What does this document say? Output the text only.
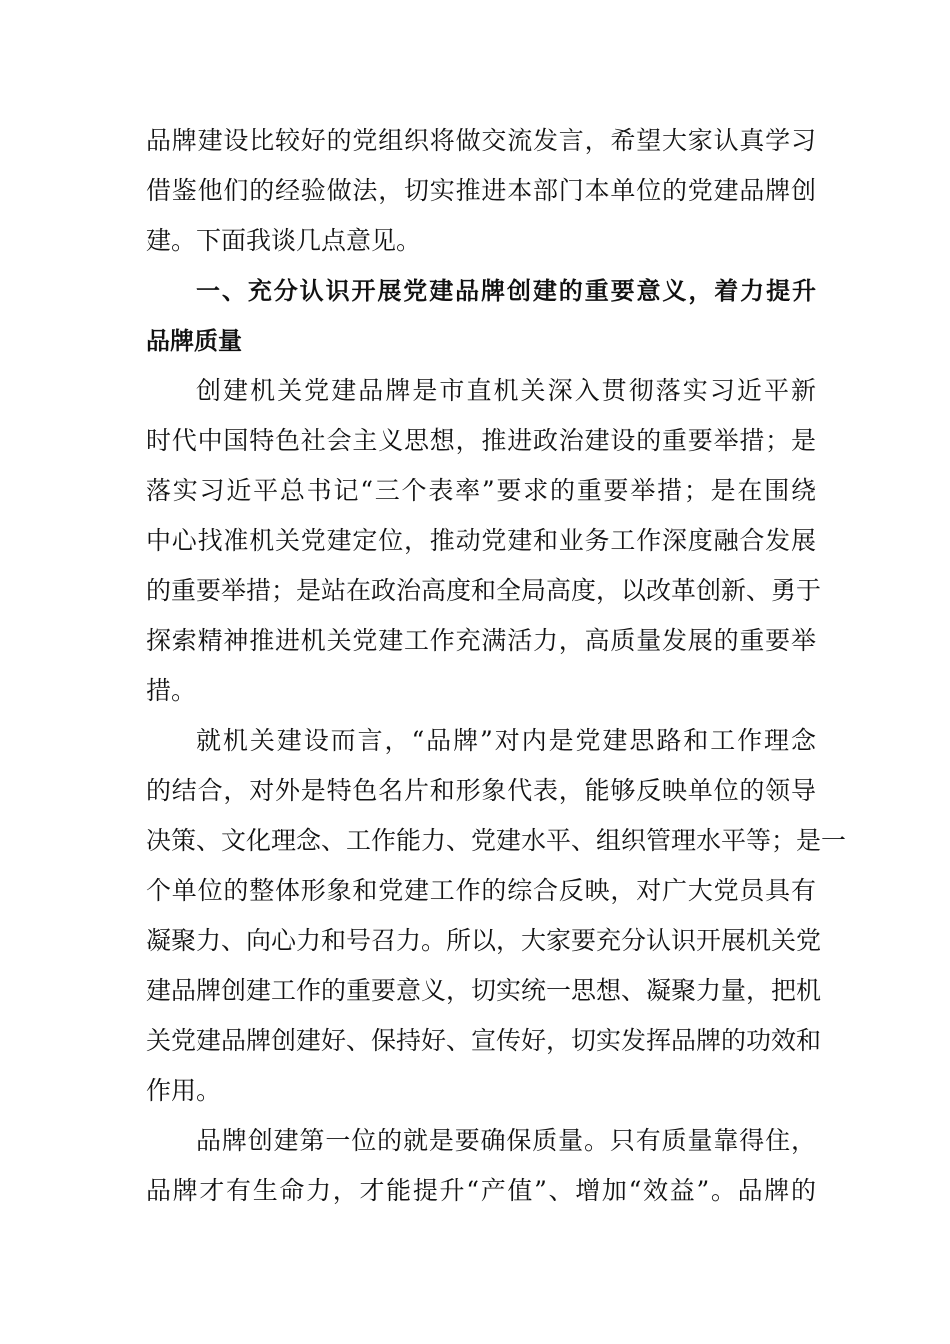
品牌建设比较好的党组织将做交流发言，希望大家认真学习
借鉴他们的经验做法，切实推进本部门本单位的党建品牌创
建。下面我谈几点意见。
一、充分认识开展党建品牌创建的重要意义，着力提升
品牌质量
创建机关党建品牌是市直机关深入贯彻落实习近平新
时代中国特色社会主义思想，推进政治建设的重要举措；是
落实习近平总书记“三个表率”要求的重要举措；是在围绕
中心找准机关党建定位，推动党建和业务工作深度融合发展
的重要举措；是站在政治高度和全局高度，以改革创新、勇于
探索精神推进机关党建工作充满活力，高质量发展的重要举
措。
就机关建设而言，“品牌”对内是党建思路和工作理念
的结合，对外是特色名片和形象代表，能够反映单位的领导
决策、文化理念、工作能力、党建水平、组织管理水平等；是一
个单位的整体形象和党建工作的综合反映，对广大党员具有
凝聚力、向心力和号召力。所以，大家要充分认识开展机关党
建品牌创建工作的重要意义，切实统一思想、凝聚力量，把机
关党建品牌创建好、保持好、宣传好，切实发挥品牌的功效和
作用。
品牌创建第一位的就是要确保质量。只有质量靠得住，
品牌才有生命力，才能提升“产值”、增加“效益”。品牌的
